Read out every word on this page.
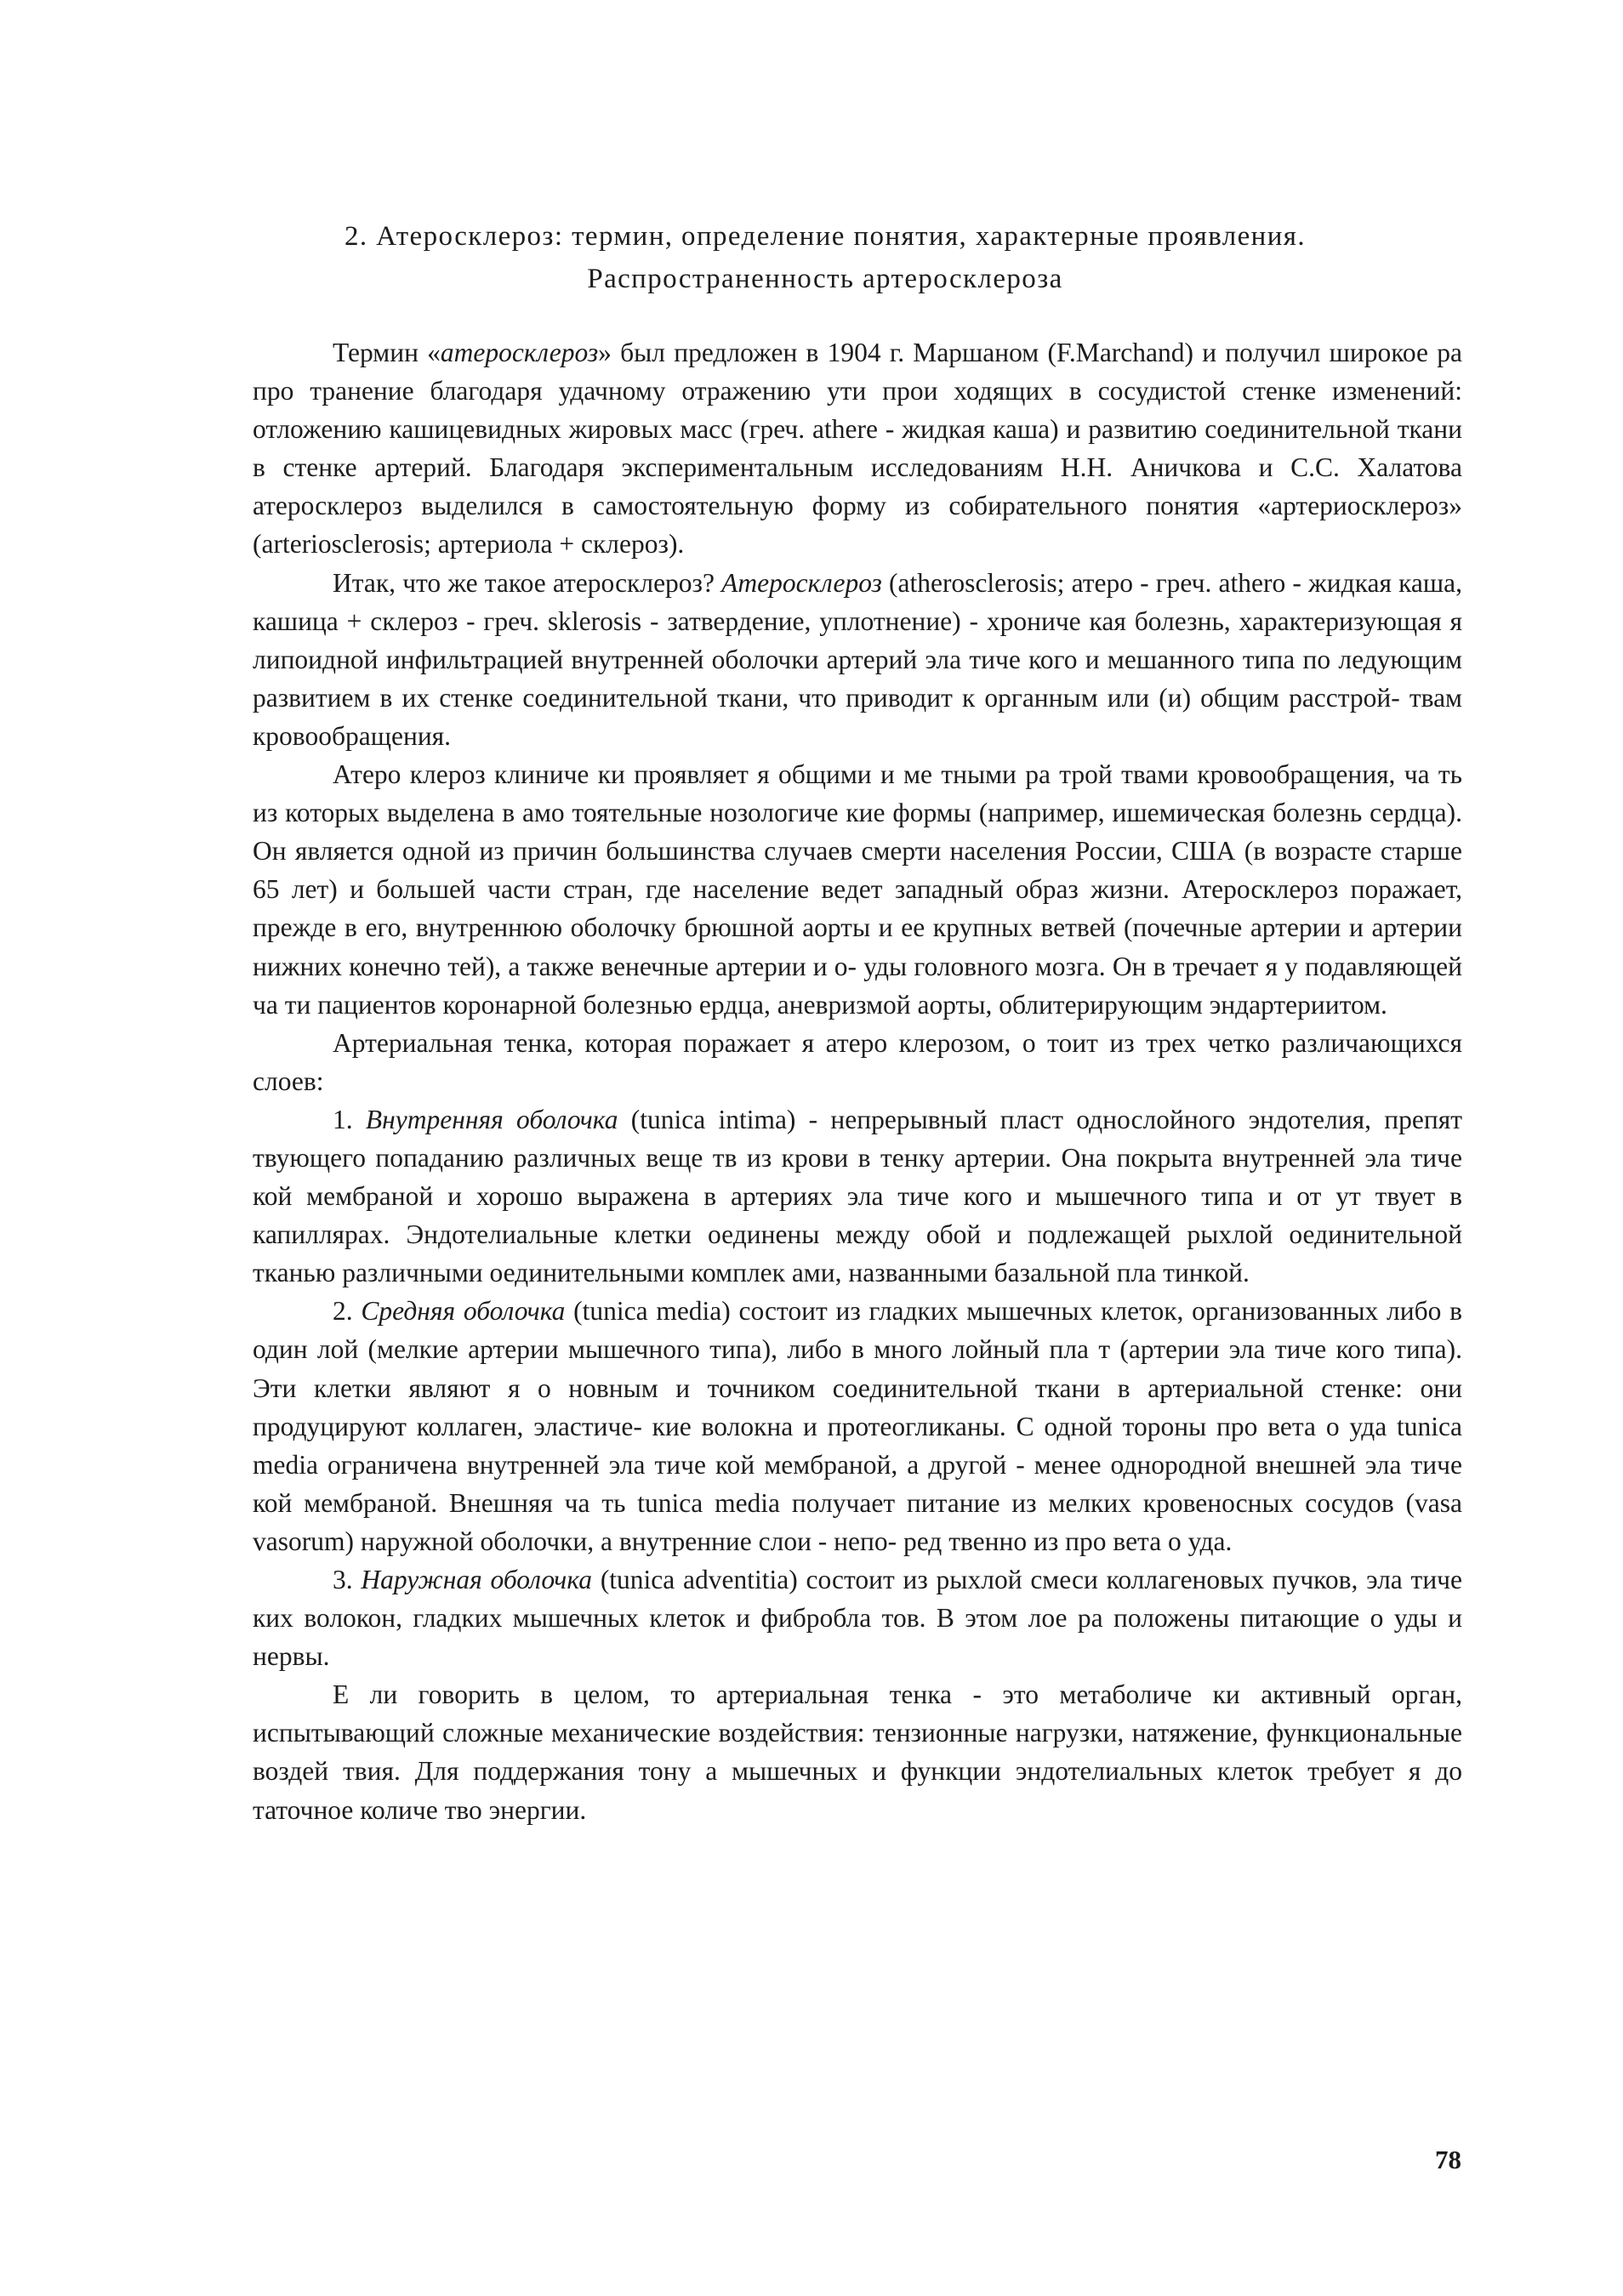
2. Атеросклероз: термин, определение понятия, характерные проявления.
Распространенность артеросклероза

Термин «атеросклероз» был предложен в 1904 г. Маршаном (F.Marchand) и получил широкое ра про транение благодаря удачному отражению ути прои ходящих в сосудистой стенке изменений: отложению кашицевидных жировых масс (греч. athere - жидкая каша) и развитию соединительной ткани в стенке артерий. Благодаря экспериментальным исследованиям Н.Н. Аничкова и С.С. Халатова атеросклероз выделился в самостоятельную форму из собирательного понятия «артериосклероз» (arteriosclerosis; артериола + склероз).

Итак, что же такое атеросклероз? Атеросклероз (atherosclerosis; атеро - греч. athero - жидкая каша, кашица + склероз - греч. sklerosis - затвердение, уплотнение) - хрониче кая болезнь, характеризующая я липоидной инфильтрацией внутренней оболочки артерий эла тиче кого и мешанного типа по ледующим развитием в их стенке соединительной ткани, что приводит к органным или (и) общим расстрой- твам кровообращения.

Атеро клероз клиниче ки проявляет я общими и ме тными ра трой твами кровообращения, ча ть из которых выделена в амо тоятельные нозологиче кие формы (например, ишемическая болезнь сердца). Он является одной из причин большинства случаев смерти населения России, США (в возрасте старше 65 лет) и большей части стран, где население ведет западный образ жизни. Атеросклероз поражает, прежде в его, внутреннюю оболочку брюшной аорты и ее крупных ветвей (почечные артерии и артерии нижних конечно тей), а также венечные артерии и о- уды головного мозга. Он в тречает я у подавляющей ча ти пациентов коронарной болезнью ердца, аневризмой аорты, облитерирующим эндартериитом.

Артериальная тенка, которая поражает я атеро клерозом, о тоит из трех четко различающихся слоев:

1. Внутренняя оболочка (tunica intima) - непрерывный пласт однослойного эндотелия, препят твующего попаданию различных веще тв из крови в тенку артерии. Она покрыта внутренней эла тиче кой мембраной и хорошо выражена в артериях эла тиче кого и мышечного типа и от ут твует в капиллярах. Эндотелиальные клетки оединены между обой и подлежащей рыхлой оединительной тканью различными оединительными комплек ами, названными базальной пла тинкой.

2. Средняя оболочка (tunica media) состоит из гладких мышечных клеток, организованных либо в один лой (мелкие артерии мышечного типа), либо в много лойный пла т (артерии эла тиче кого типа). Эти клетки являют я о новным и точником соединительной ткани в артериальной стенке: они продуцируют коллаген, эластиче- кие волокна и протеогликаны. С одной тороны про вета о уда tunica media ограничена внутренней эла тиче кой мембраной, а другой - менее однородной внешней эла тиче кой мембраной. Внешняя ча ть tunica media получает питание из мелких кровеносных сосудов (vasa vasorum) наружной оболочки, а внутренние слои - непо- ред твенно из про вета о уда.

3. Наружная оболочка (tunica adventitia) состоит из рыхлой смеси коллагеновых пучков, эла тиче ких волокон, гладких мышечных клеток и фибробла тов. В этом лое ра положены питающие о уды и нервы.

Е ли говорить в целом, то артериальная тенка - это метаболиче ки активный орган, испытывающий сложные механические воздействия: тензионные нагрузки, натяжение, функциональные воздей твия. Для поддержания тону а мышечных и функции эндотелиальных клеток требует я до таточное количе тво энергии.

78
